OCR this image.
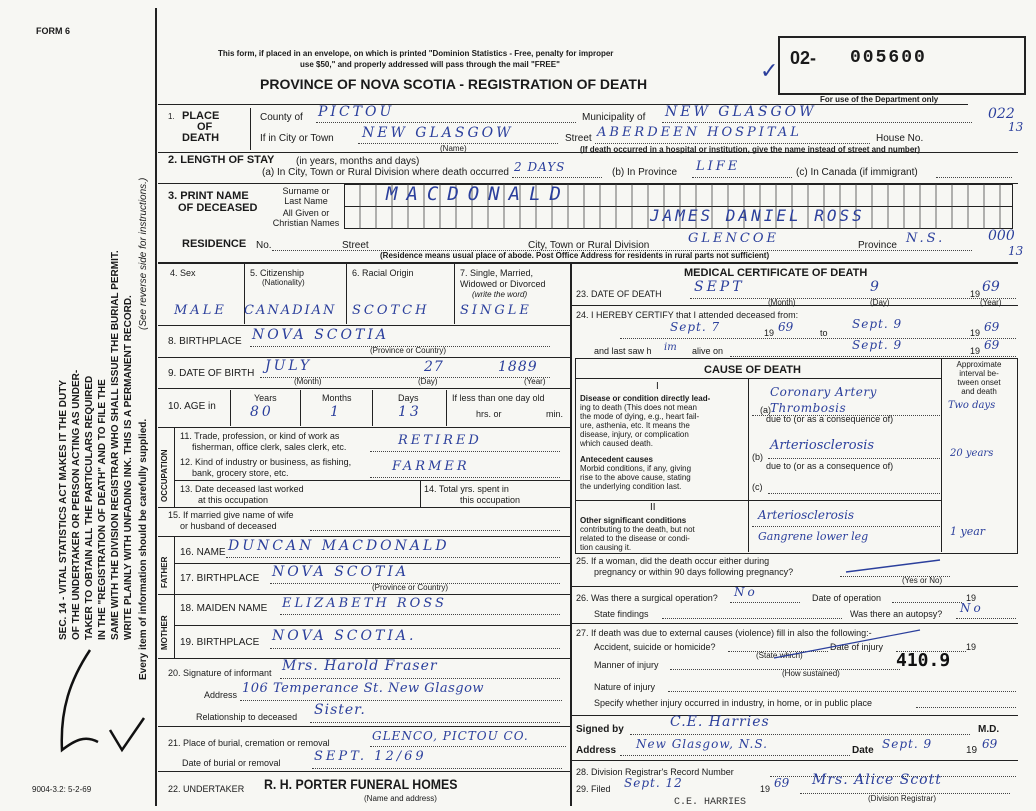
FORM 6
This form, if placed in an envelope, on which is printed "Dominion Statistics - Free, penalty for improper
use $50," and properly addressed will pass through the mail "FREE"
PROVINCE OF NOVA SCOTIA - REGISTRATION OF DEATH
02- 005600
✓
For use of the Department only
022
13
000
13
SEC. 14 - VITAL STATISTICS ACT MAKES IT THE DUTY OF THE UNDERTAKER OR PERSON ACTING AS UNDER- TAKER TO OBTAIN ALL THE PARTICULARS REQUIRED IN THE "REGISTRATION OF DEATH" AND TO FILE THE SAME WITH THE DIVISION REGISTRAR WHO SHALL ISSUE THE BURIAL PERMIT. WRITE PLAINLY WITH UNFADING INK. THIS IS A PERMANENT RECORD. Every item of information should be carefully supplied.
(See reverse side for instructions.)
9004-3.2: 5-2-69
1. PLACE
OF
DEATH
County of PICTOU	Municipality of NEW GLASGOW
If in City or Town NEW GLASGOW
(Name)
Street ABERDEEN HOSPITAL	House No.
(If death occurred in a hospital or institution, give the name instead of street and number)
2. LENGTH OF STAY (in years, months and days)
(a) In City, Town or Rural Division where death occurred 2 DAYS	(b) In Province LIFE	(c) In Canada (if immigrant)
3. PRINT NAME
OF DECEASED
Surname or
Last Name
All Given or
Christian Names
MACDONALD
JAMES DANIEL ROSS
RESIDENCE No.	Street	City, Town or Rural Division	GLENCOE	Province N.S.
(Residence means usual place of abode. Post Office Address for residents in rural parts not sufficient)
4. Sex	5. Citizenship
(Nationality)
6. Racial Origin	7. Single, Married,
Widowed or Divorced
(write the word)
MALE CANADIAN SCOTCH SINGLE
8. BIRTHPLACE NOVA SCOTIA
(Province or Country)
9. DATE OF BIRTH JULY	27	1889
(Month)	(Day)	(Year)
10. AGE in
Years	Months	Days	If less than one day old
80	1	13	hrs. or	min.
OCCUPATION
11. Trade, profession, or kind of work as
fisherman, office clerk, sales clerk, etc.	RETIRED
12. Kind of industry or business, as fishing,
bank, grocery store, etc.	FARMER
13. Date deceased last worked
at this occupation
14. Total yrs. spent in
this occupation
15. If married give name of wife
or husband of deceased
FATHER
16. NAME DUNCAN MACDONALD
17. BIRTHPLACE NOVA SCOTIA
(Province or Country)
MOTHER
18. MAIDEN NAME ELIZABETH ROSS
19. BIRTHPLACE NOVA SCOTIA.
20. Signature of informant Mrs. Harold Fraser
Address 106 Temperance St. New Glasgow
Relationship to deceased Sister.
21. Place of burial, cremation or removal	GLENCO, PICTOU CO.
Date of burial or removal	SEPT. 12/69
22. UNDERTAKER R. H. PORTER FUNERAL HOMES
(Name and address)
MEDICAL CERTIFICATE OF DEATH
23. DATE OF DEATH SEPT	9	19 69
(Month)	(Day)	(Year)
24. I HEREBY CERTIFY that I attended deceased from:
Sept. 7	19 69	to
Sept. 9
19 69
and last saw h im alive on	Sept. 9	19 69
CAUSE OF DEATH	Approximate
interval be-
tween onset
and death
I
Disease or condition directly lead-
ing to death (This does not mean
the mode of dying, e.g., heart fail-
ure, asthenia, etc. It means the
disease, injury, or complication
which caused death.
(a)
Coronary Artery Thrombosis	Two days
due to (or as a consequence of)
Antecedent causes
Morbid conditions, if any, giving
rise to the above cause, stating
the underlying condition last.
(b)
Arteriosclerosis
20 years
due to (or as a consequence of)
(c)
II
Other significant conditions
contributing to the death, but not
related to the disease or condi-
tion causing it.
Arteriosclerosis
Gangrene lower leg	1 year
25. If a woman, did the death occur either during
pregnancy or within 90 days following pregnancy?
(Yes or No)
26. Was there a surgical operation? No	Date of operation	19
State findings	Was there an autopsy? No
27. If death was due to external causes (violence) fill in also the following:-
Accident, suicide or homicide?
(State which)
Date of injury	19
410.9
Manner of injury
(How sustained)
Nature of injury
Specify whether injury occurred in industry, in home, or in public place
Signed by	C.E. Harries	M.D.
Address New Glasgow, N.S.	Date Sept. 9	19 69
28. Division Registrar's Record Number
29. Filed Sept. 12	19 69 Mrs. Alice Scott
(Division Registrar)
C.E. HARRIES
